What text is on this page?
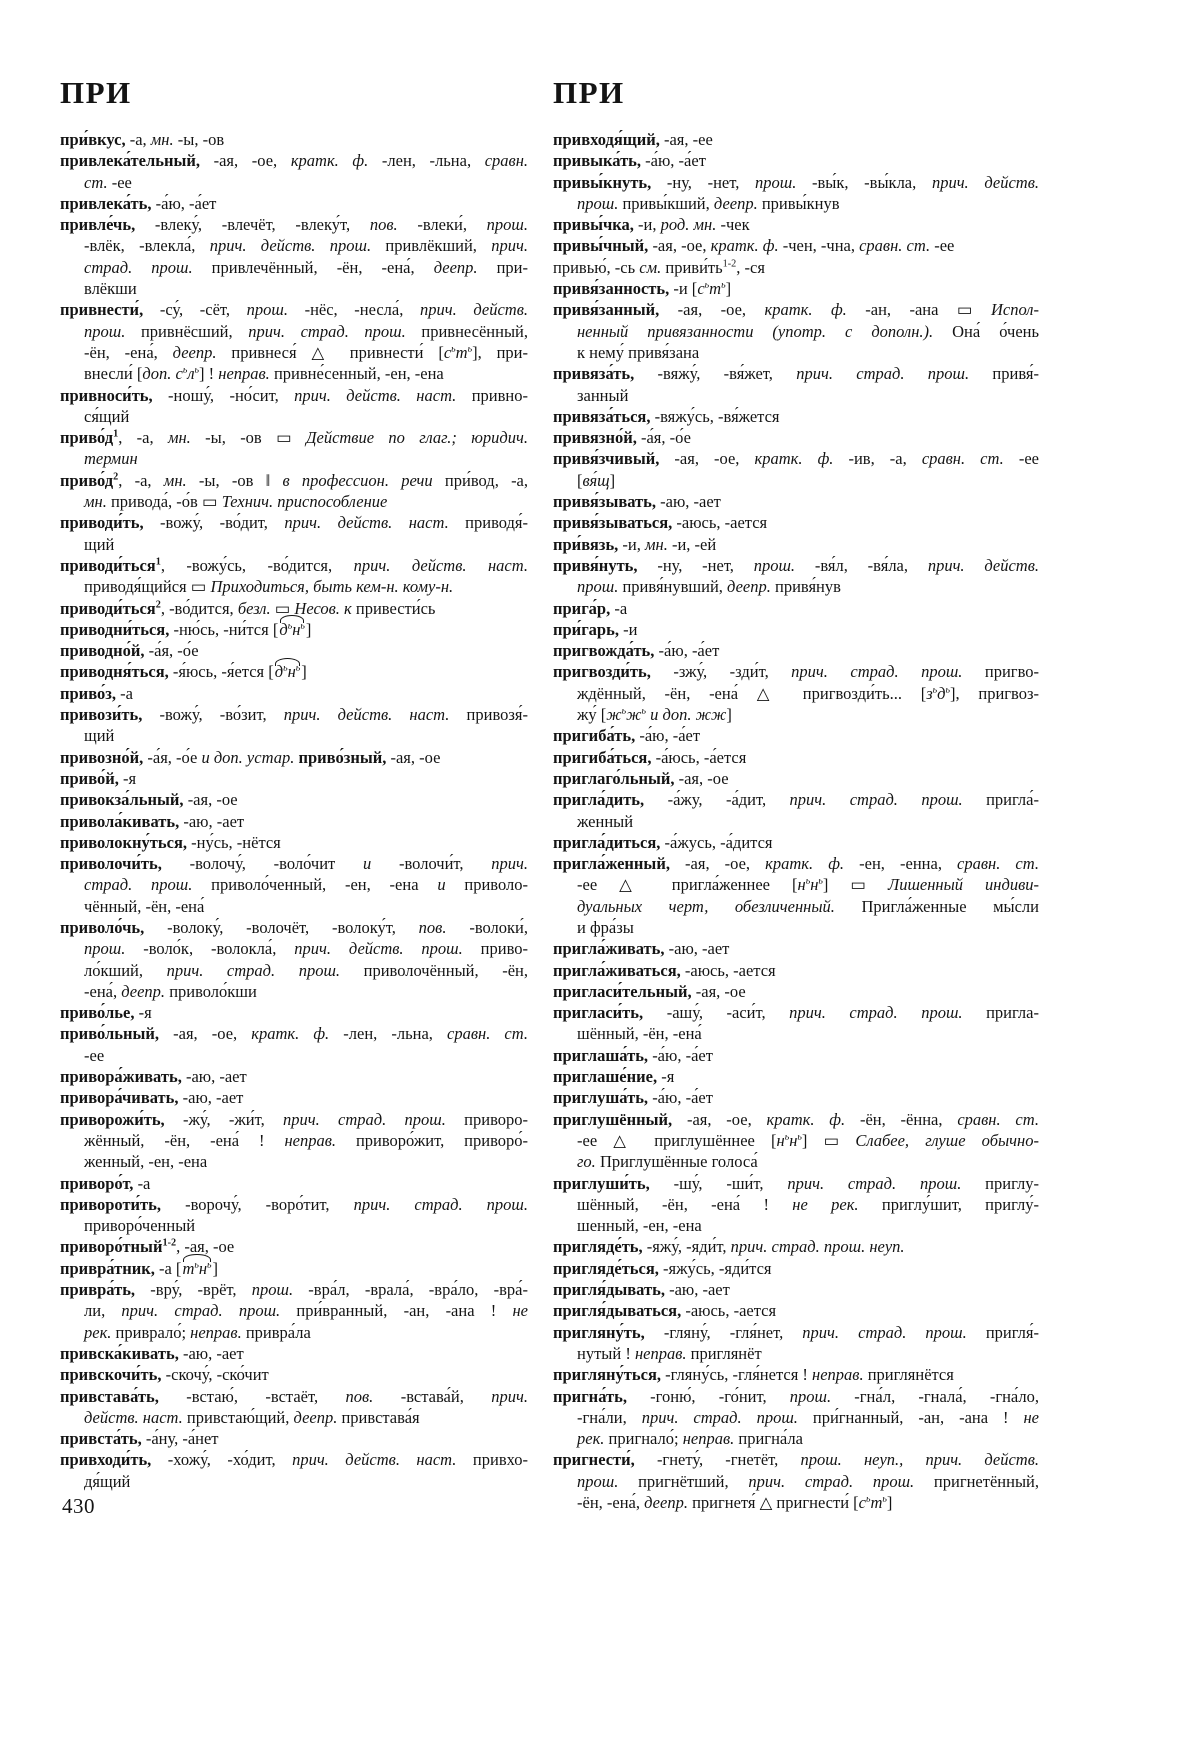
ПРИ
при́вкус, -а, мн. -ы, -ов
привлека́тельный, -ая, -ое, кратк. ф. -лен, -льна, сравн.
ст. -ее
привлека́ть, -а́ю, -а́ет
привле́чь, -влеку́, -влечёт, -влеку́т, пов. -влеки́, прош.
-влёк, -влекла́, прич. действ. прош. привлёкший, прич.
страд. прош. привлечённый, -ён, -ена́, деепр. при-
влёкши
привнести́, -су́, -сёт, прош. -нёс, -несла́, прич. действ.
прош. привнёсший, прич. страд. прош. привнесённый,
-ён, -ена́, деепр. привнеся́ △ привнести́ $[с^ьт^ь]$, при-
внесли́ [доп. $с^ьл^ь$] ! неправ. привне́сенный, -ен, -ена
привноси́ть, -ношу́, -но́сит, прич. действ. наст. привно-
ся́щий
$приво́д^1$, -а, мн. -ы, -ов ▭ Действие по глаг.; юридич.
термин
$приво́д^2$, -а, мн. -ы, -ов ‖ в профессион. речи при́вод, -а,
мн. привода́, -о́в ▭ Технич. приспособление
приводи́ть, -вожу́, -во́дит, прич. действ. наст. приводя́-
щий
приводи́ться$^1$, -вожу́сь, -во́дится, прич. действ. наст.
приводя́щийся ▭ Приходиться, быть кем-н. кому-н.
приводи́ться$^2$, -во́дится, безл. ▭ Несов. к привести́сь
приводни́ться, -ню́сь, -ни́тся $[д^ьн^ь]$
приводно́й, -а́я, -о́е
приводня́ться, -я́юсь, -я́ется $[д^ьн^ь]$
приво́з, -а
привози́ть, -вожу́, -во́зит, прич. действ. наст. привозя́-
щий
привозно́й, -а́я, -о́е и доп. устар. приво́зный, -ая, -ое
приво́й, -я
привокза́льный, -ая, -ое
привола́кивать, -аю, -ает
приволокну́ться, -ну́сь, -нётся
приволочи́ть, -волочу́, -воло́чит и -волочи́т, прич.
страд. прош. приволо́ченный, -ен, -ена и приволо-
чённый, -ён, -ена́
приволо́чь, -волоку́, -волочёт, -волоку́т, пов. -волоки́,
прош. -воло́к, -волокла́, прич. действ. прош. приво-
ло́кший, прич. страд. прош. приволочённый, -ён,
-ена́, деепр. приволо́кши
приво́лье, -я
приво́льный, -ая, -ое, кратк. ф. -лен, -льна, сравн. ст.
-ее
привора́живать, -аю, -ает
привора́чивать, -аю, -ает
приворожи́ть, -жу́, -жи́т, прич. страд. прош. приворо-
жённый, -ён, -ена́ ! неправ. приворо́жит, приворо́-
женный, -ен, -ена
приворо́т, -а
привороти́ть, -ворочу́, -воро́тит, прич. страд. прош.
приворо́ченный
приворо́тный$^{1-2}$, -ая, -ое
привра́тник, -а $[т^ьн^ь]$
привра́ть, -вру́, -врёт, прош. -вра́л, -врала́, -вра́ло, -вра́-
ли, прич. страд. прош. при́вранный, -ан, -ана ! не
рек. приврало́; неправ. привра́ла
привска́кивать, -аю, -ает
привскочи́ть, -скочу́, -ско́чит
привстава́ть, -встаю́, -встаёт, пов. -встава́й, прич.
действ. наст. привстаю́щий, деепр. привстава́я
привста́ть, -а́ну, -а́нет
привходи́ть, -хожу́, -хо́дит, прич. действ. наст. привхо-
дя́щий
ПРИ
привходя́щий, -ая, -ее
привыка́ть, -а́ю, -а́ет
привы́кнуть, -ну, -нет, прош. -вы́к, -вы́кла, прич. действ.
прош. привы́кший, деепр. привы́кнув
привы́чка, -и, род. мн. -чек
привы́чный, -ая, -ое, кратк. ф. -чен, -чна, сравн. ст. -ее
привью́, -сь см. $приви́ть^{1-2}$, -ся
привя́занность, -и $[с^ьт^ь]$
привя́занный, -ая, -ое, кратк. ф. -ан, -ана ▭ Испол-
ненный привязанности (употр. с дополн.). Она́ о́чень
к нему́ привя́зана
привяза́ть, -вяжу́, -вя́жет, прич. страд. прош. привя́-
занный
привяза́ться, -вяжу́сь, -вя́жется
привязно́й, -а́я, -о́е
привя́зчивый, -ая, -ое, кратк. ф. -ив, -а, сравн. ст. -ее
[вя́щ]
привя́зывать, -аю, -ает
привя́зываться, -аюсь, -ается
при́вязь, -и, мн. -и, -ей
привя́нуть, -ну, -нет, прош. -вя́л, -вя́ла, прич. действ.
прош. привя́нувший, деепр. привя́нув
прига́р, -а
при́гарь, -и
пригвожда́ть, -а́ю, -а́ет
пригвозди́ть, -зжу́, -зди́т, прич. страд. прош. пригво-
ждённый, -ён, -ена́ △ пригвозди́ть... $[з^ьд^ь]$, пригвоз-
жу́ [$ж^ьж^ь$ и доп. жж]
пригиба́ть, -а́ю, -а́ет
пригиба́ться, -а́юсь, -а́ется
приглаго́льный, -ая, -ое
пригла́дить, -а́жу, -а́дит, прич. страд. прош. пригла́-
женный
пригла́диться, -а́жусь, -а́дится
пригла́женный, -ая, -ое, кратк. ф. -ен, -енна, сравн. ст.
-ее △ пригла́женнее $[н^ьн^ь]$ ▭ Лишенный индиви-
дуальных черт, обезличенный. Пригла́женные мы́сли
и фра́зы
пригла́живать, -аю, -ает
пригла́живаться, -аюсь, -ается
пригласи́тельный, -ая, -ое
пригласи́ть, -ашу́, -аси́т, прич. страд. прош. пригла-
шённый, -ён, -ена́
приглаша́ть, -а́ю, -а́ет
приглаше́ние, -я
приглуша́ть, -а́ю, -а́ет
приглушённый, -ая, -ое, кратк. ф. -ён, -ённа, сравн. ст.
-ее △ приглушённее $[н^ьн^ь]$ ▭ Слабее, глуше обычно-
го. Приглушённые голоса́
приглуши́ть, -шу́, -ши́т, прич. страд. прош. приглу-
шённый, -ён, -ена́ ! не рек. приглу́шит, приглу́-
шенный, -ен, -ена
пригляде́ть, -яжу́, -яди́т, прич. страд. прош. неуп.
пригляде́ться, -яжу́сь, -яди́тся
пригля́дывать, -аю, -ает
пригля́дываться, -аюсь, -ается
пригляну́ть, -гляну́, -гля́нет, прич. страд. прош. пригля́-
нутый ! неправ. приглянёт
пригляну́ться, -гляну́сь, -гля́нется ! неправ. приглянётся
пригна́ть, -гоню́, -го́нит, прош. -гна́л, -гнала́, -гна́ло,
-гна́ли, прич. страд. прош. при́гнанный, -ан, -ана ! не
рек. пригнало́; неправ. пригна́ла
пригнести́, -гнету́, -гнетёт, прош. неуп., прич. действ.
прош. пригнётший, прич. страд. прош. пригнетённый,
-ён, -ена́, деепр. пригнетя́ △ пригнести́ $[с^ьт^ь]$
430
